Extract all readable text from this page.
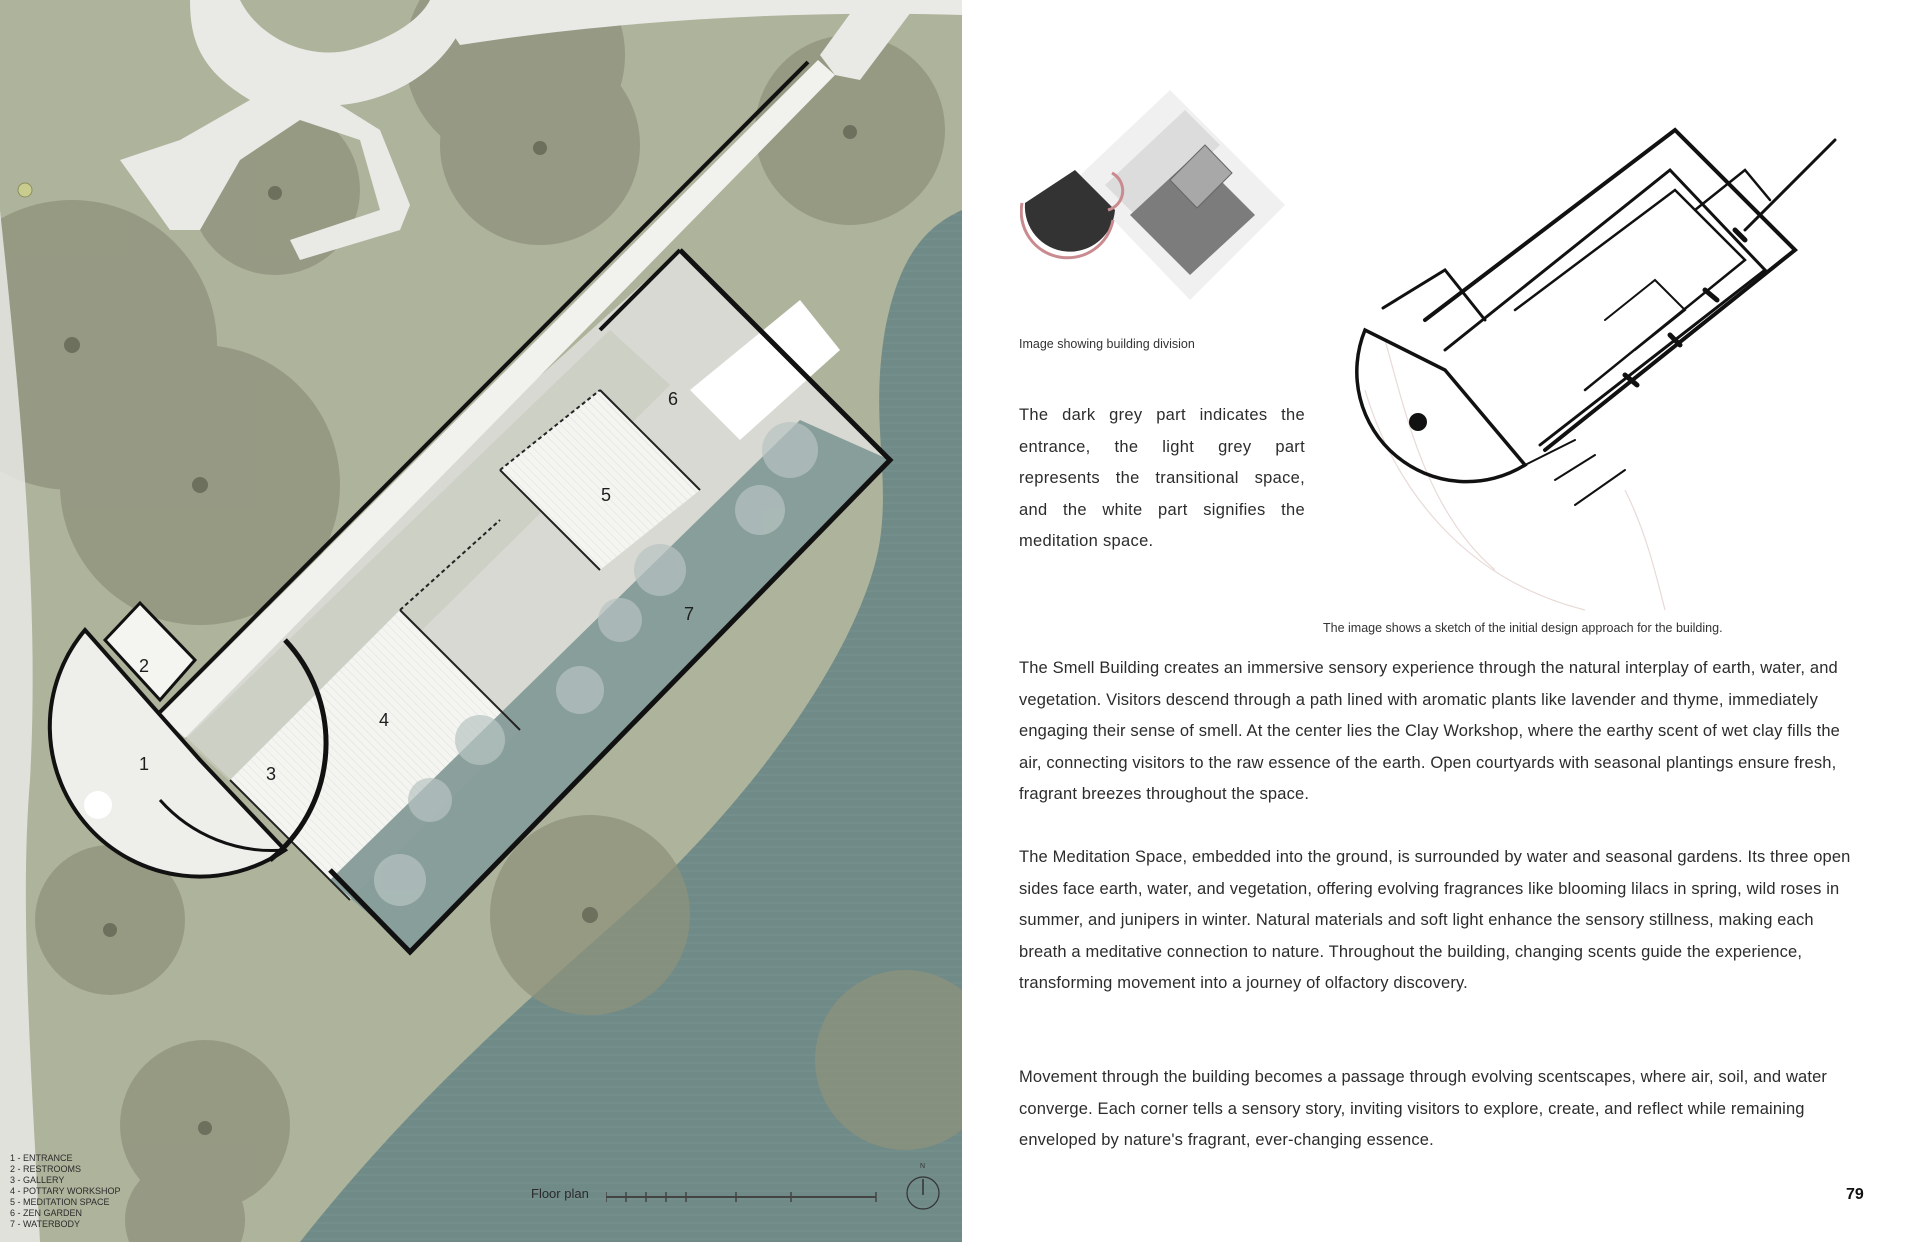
1
2
3
4
5
6
7
1 - ENTRANCE
2 - RESTROOMS
3 - GALLERY
4 - POTTARY WORKSHOP
5 - MEDITATION SPACE
6 - ZEN GARDEN
7 - WATERBODY
Floor plan
N
Image showing building division
The dark grey part indicates the entrance, the light grey part represents the transitional space, and the white part signifies the meditation space.
The image shows a sketch of the initial design approach for the building.
The Smell Building creates an immersive sensory experience through the natural interplay of earth, water, and vegetation. Visitors descend through a path lined with aromatic plants like lavender and thyme, immediately engaging their sense of smell. At the center lies the Clay Workshop, where the earthy scent of wet clay fills the air, connecting visitors to the raw essence of the earth. Open courtyards with seasonal plantings ensure fresh, fragrant breezes throughout the space.
The Meditation Space, embedded into the ground, is surrounded by water and seasonal gardens. Its three open sides face earth, water, and vegetation, offering evolving fragrances like blooming lilacs in spring, wild roses in summer, and junipers in winter. Natural materials and soft light enhance the sensory stillness, making each breath a meditative connection to nature. Throughout the building, changing scents guide the experience, transforming movement into a journey of olfactory discovery.
Movement through the building becomes a passage through evolving scentscapes, where air, soil, and water converge. Each corner tells a sensory story, inviting visitors to explore, create, and reflect while remaining enveloped by nature's fragrant, ever-changing essence.
79
